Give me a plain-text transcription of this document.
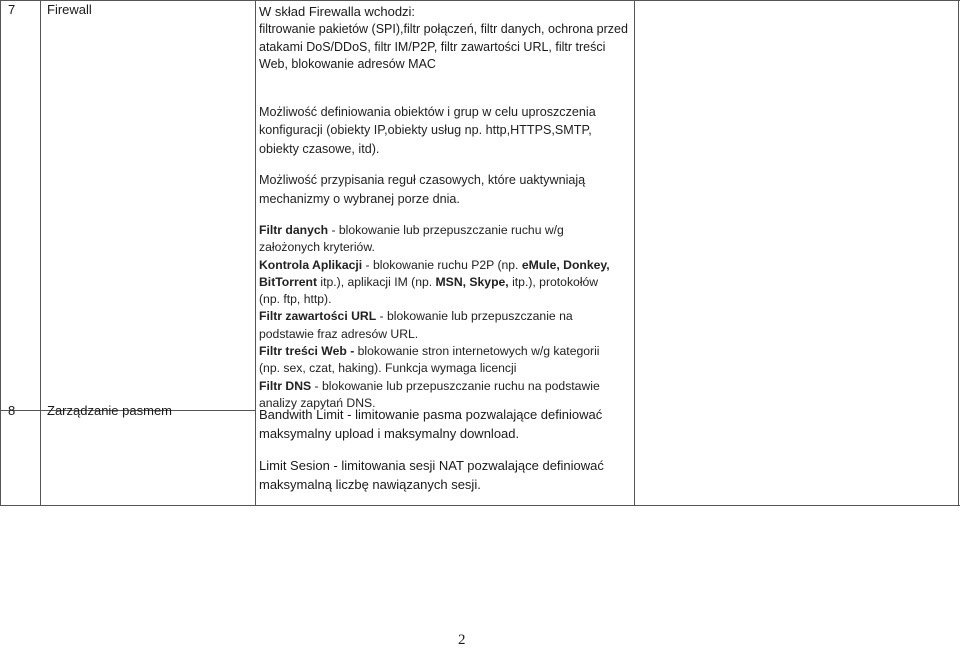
7 Firewall	W skład Firewalla wchodzi:
filtrowanie pakietów (SPI),filtr połączeń, filtr danych, ochrona przed
atakami DoS/DDoS, filtr IM/P2P, filtr zawartości URL, filtr treści
Web, blokowanie adresów MAC
Możliwość definiowania obiektów i grup w celu uproszczenia
konfiguracji (obiekty IP,obiekty usług np. http,HTTPS,SMTP,
obiekty czasowe, itd).
Możliwość przypisania reguł czasowych, które uaktywniają
mechanizmy o wybranej porze dnia.
Filtr danych - blokowanie lub przepuszczanie ruchu w/g
założonych kryteriów.
Kontrola Aplikacji - blokowanie ruchu P2P (np. eMule, Donkey,
BitTorrent itp.), aplikacji IM (np. MSN, Skype, itp.), protokołów
(np. ftp, http).
Filtr zawartości URL - blokowanie lub przepuszczanie na
podstawie fraz adresów URL.
Filtr treści Web - blokowanie stron internetowych w/g kategorii
(np. sex, czat, haking). Funkcja wymaga licencji
Filtr DNS - blokowanie lub przepuszczanie ruchu na podstawie
analizy zapytań DNS.
8 Zarządzanie pasmem	Bandwith Limit - limitowanie pasma pozwalające definiować
maksymalny upload i maksymalny download.
Limit Sesion - limitowania sesji NAT pozwalające definiować
maksymalną liczbę nawiązanych sesji.
2
